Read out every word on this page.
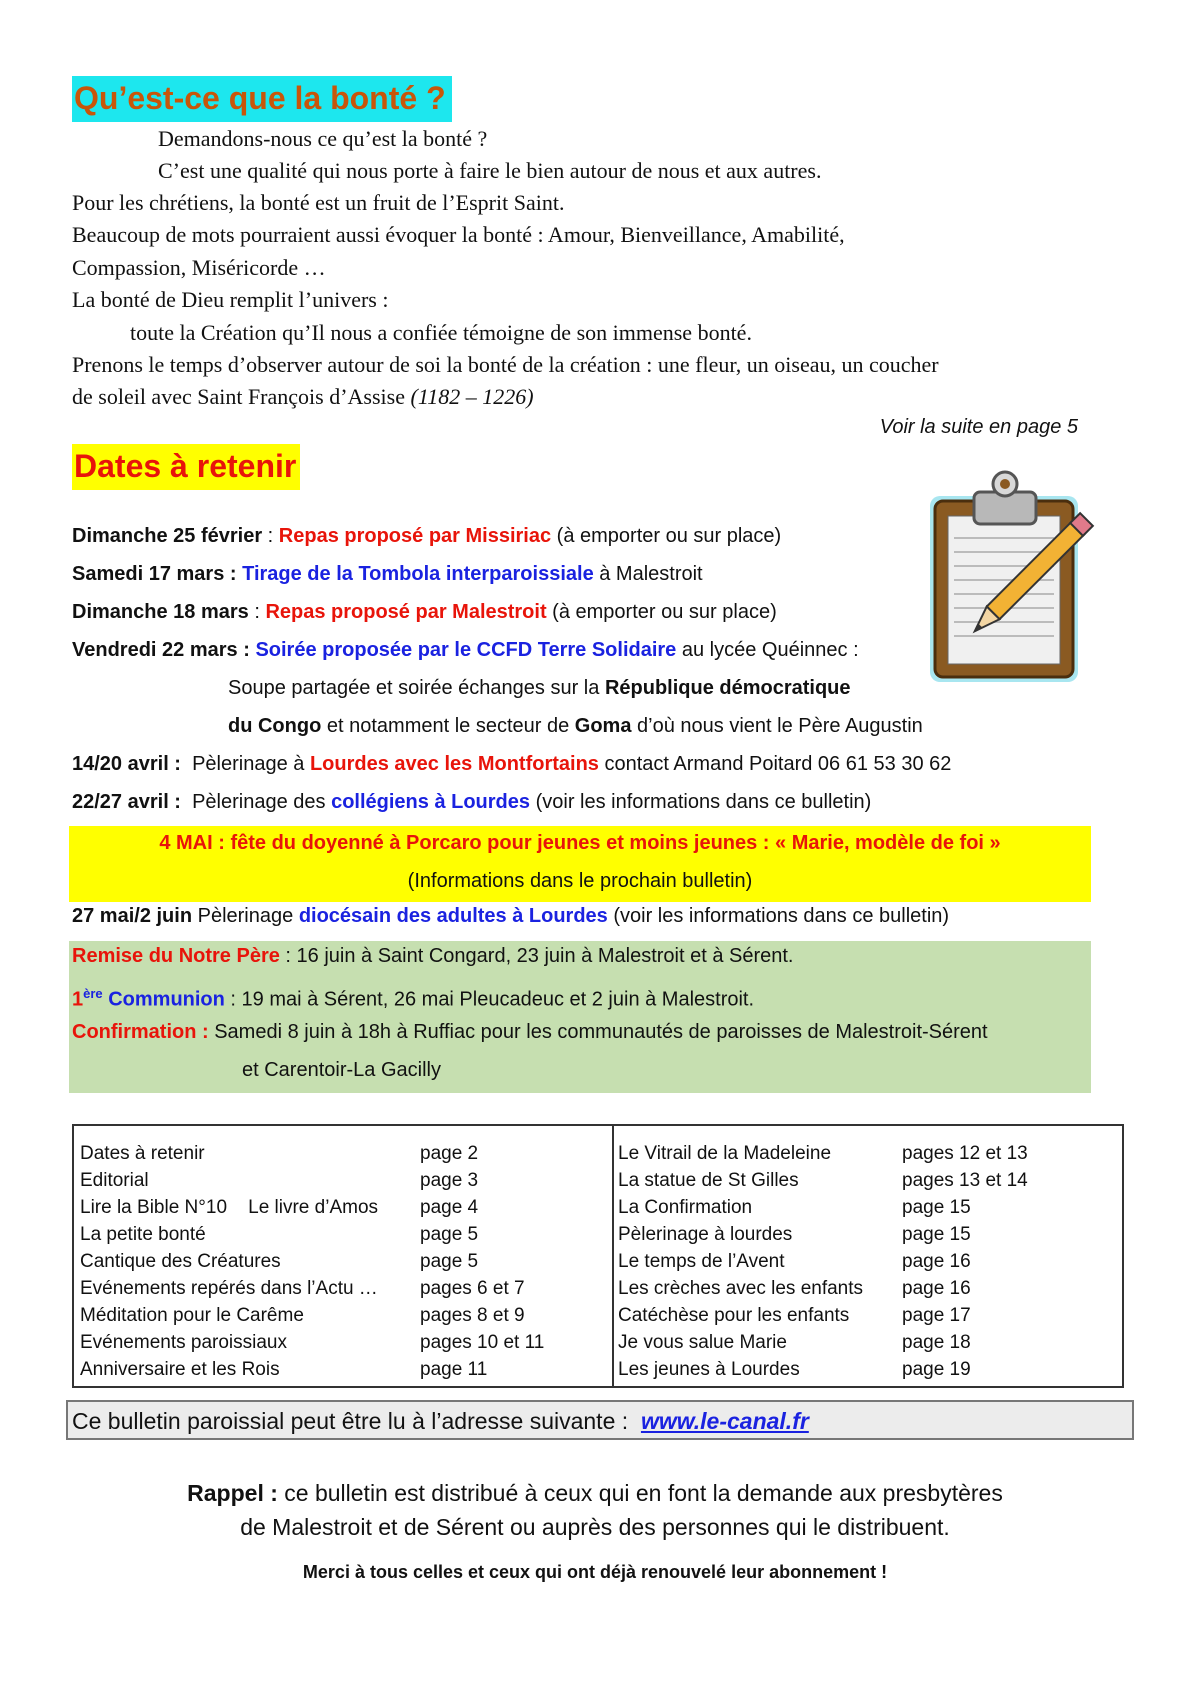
Qu’est-ce que la bonté ?
Demandons-nous ce qu’est la bonté ?
C’est une qualité qui nous porte à faire le bien autour de nous et aux autres.
Pour les chrétiens, la bonté est un fruit de l’Esprit Saint.
Beaucoup de mots pourraient aussi évoquer la bonté : Amour, Bienveillance, Amabilité,
Compassion, Miséricorde …
La bonté de Dieu remplit l’univers :
toute la Création qu’Il nous a confiée témoigne de son immense bonté.
Prenons le temps d’observer autour de soi la bonté de la création : une fleur, un oiseau, un coucher
de soleil avec Saint François d’Assise (1182 – 1226)
Voir la suite en page 5
Dates à retenir
Dimanche 25 février : Repas proposé par Missiriac (à emporter ou sur place)
Samedi 17 mars : Tirage de la Tombola interparoissiale à Malestroit
Dimanche 18 mars : Repas proposé par Malestroit (à emporter ou sur place)
Vendredi 22 mars : Soirée proposée par le CCFD Terre Solidaire au lycée Quéinnec :
Soupe partagée et soirée échanges sur la République démocratique
du Congo et notamment le secteur de Goma d’où nous vient le Père Augustin
14/20 avril :  Pèlerinage à Lourdes avec les Montfortains contact Armand Poitard 06 61 53 30 62
22/27 avril :  Pèlerinage des collégiens à Lourdes (voir les informations dans ce bulletin)
4 MAI : fête du doyenné à Porcaro pour jeunes et moins jeunes : « Marie, modèle de foi »
(Informations dans le prochain bulletin)
27 mai/2 juin Pèlerinage diocésain des adultes à Lourdes (voir les informations dans ce bulletin)
Remise du Notre Père : 16 juin à Saint Congard, 23 juin à Malestroit et à Sérent.
1ère Communion : 19 mai à Sérent, 26 mai Pleucadeuc et 2 juin à Malestroit.
Confirmation : Samedi 8 juin à 18h à Ruffiac pour les communautés de paroisses de Malestroit-Sérent
et Carentoir-La Gacilly
Dates à retenir	page 2
Editorial	page 3
Lire la Bible N°10    Le livre d’Amos page 4
La petite bonté	page 5
Cantique des Créatures	page 5
Evénements repérés dans l’Actu … pages 6 et 7
Méditation pour le Carême	pages 8 et 9
Evénements paroissiaux	pages 10 et 11
Anniversaire et les Rois	page 11
Le Vitrail de la Madeleine	pages 12 et 13
La statue de St Gilles	pages 13 et 14
La Confirmation	page 15
Pèlerinage à lourdes	page 15
Le temps de l’Avent	page 16
Les crèches avec les enfants page 16
Catéchèse pour les enfants	page 17
Je vous salue Marie	page 18
Les jeunes à Lourdes	page 19
Ce bulletin paroissial peut être lu à l’adresse suivante :  www.le-canal.fr
Rappel : ce bulletin est distribué à ceux qui en font la demande aux presbytères
de Malestroit et de Sérent ou auprès des personnes qui le distribuent.
Merci à tous celles et ceux qui ont déjà renouvelé leur abonnement !
